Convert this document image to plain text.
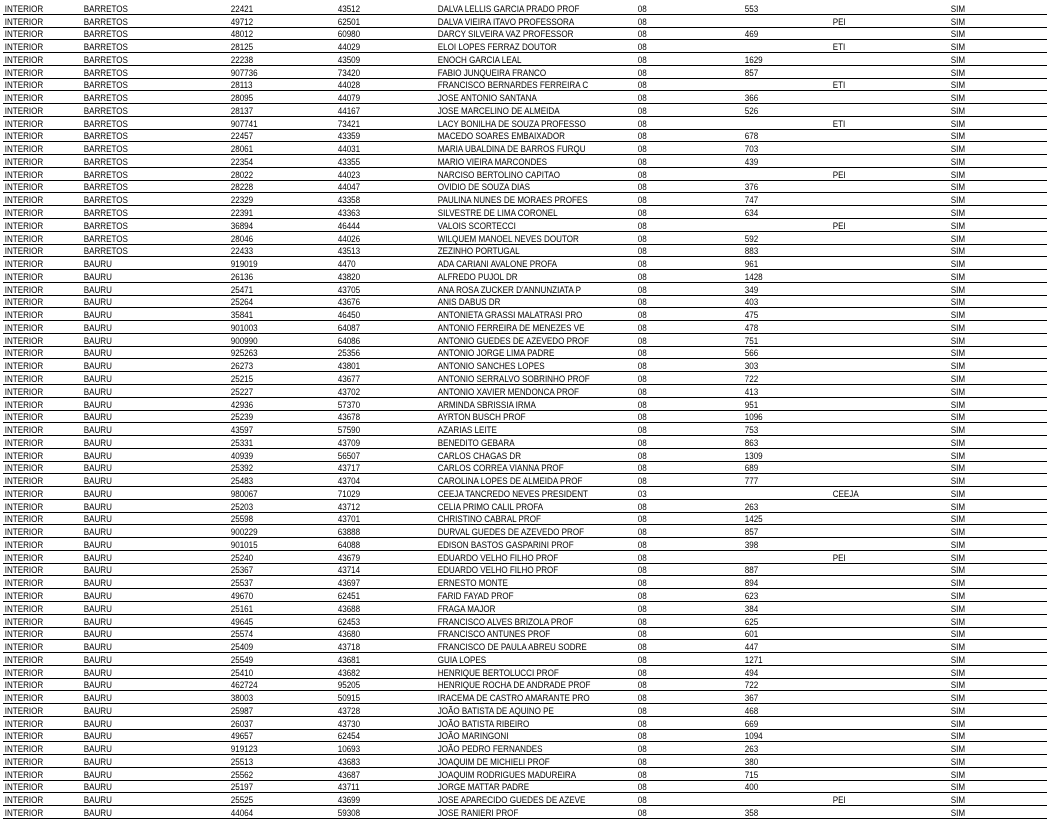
INTERIOR	BARRETOS	22421	43512	DALVA LELLIS GARCIA PRADO PROF	08	553		SIM
INTERIOR	BARRETOS	49712	62501	DALVA VIEIRA ITAVO PROFESSORA	08		PEI	SIM
INTERIOR	BARRETOS	48012	60980	DARCY SILVEIRA VAZ PROFESSOR	08	469		SIM
INTERIOR	BARRETOS	28125	44029	ELOI LOPES FERRAZ DOUTOR	08		ETI	SIM
INTERIOR	BARRETOS	22238	43509	ENOCH GARCIA LEAL	08	1629		SIM
INTERIOR	BARRETOS	907736	73420	FABIO JUNQUEIRA FRANCO	08	857		SIM
INTERIOR	BARRETOS	28113	44028	FRANCISCO BERNARDES FERREIRA C	08		ETI	SIM
INTERIOR	BARRETOS	28095	44079	JOSE ANTONIO SANTANA	08	366		SIM
INTERIOR	BARRETOS	28137	44167	JOSE MARCELINO DE ALMEIDA	08	526		SIM
INTERIOR	BARRETOS	907741	73421	LACY BONILHA DE SOUZA PROFESSO	08		ETI	SIM
INTERIOR	BARRETOS	22457	43359	MACEDO SOARES EMBAIXADOR	08	678		SIM
INTERIOR	BARRETOS	28061	44031	MARIA UBALDINA DE BARROS FURQU	08	703		SIM
INTERIOR	BARRETOS	22354	43355	MARIO VIEIRA MARCONDES	08	439		SIM
INTERIOR	BARRETOS	28022	44023	NARCISO BERTOLINO CAPITAO	08		PEI	SIM
INTERIOR	BARRETOS	28228	44047	OVIDIO DE SOUZA DIAS	08	376		SIM
INTERIOR	BARRETOS	22329	43358	PAULINA NUNES DE MORAES PROFES	08	747		SIM
INTERIOR	BARRETOS	22391	43363	SILVESTRE DE LIMA CORONEL	08	634		SIM
INTERIOR	BARRETOS	36894	46444	VALOIS SCORTECCI	08		PEI	SIM
INTERIOR	BARRETOS	28046	44026	WILQUEM MANOEL NEVES DOUTOR	08	592		SIM
INTERIOR	BARRETOS	22433	43513	ZEZINHO PORTUGAL	08	883		SIM
INTERIOR	BAURU	919019	4470	ADA CARIANI AVALONE PROFA	08	961		SIM
INTERIOR	BAURU	26136	43820	ALFREDO PUJOL DR	08	1428		SIM
INTERIOR	BAURU	25471	43705	ANA ROSA ZUCKER D'ANNUNZIATA P	08	349		SIM
INTERIOR	BAURU	25264	43676	ANIS DABUS DR	08	403		SIM
INTERIOR	BAURU	35841	46450	ANTONIETA GRASSI MALATRASI PRO	08	475		SIM
INTERIOR	BAURU	901003	64087	ANTONIO FERREIRA DE MENEZES VE	08	478		SIM
INTERIOR	BAURU	900990	64086	ANTONIO GUEDES DE AZEVEDO PROF	08	751		SIM
INTERIOR	BAURU	925263	25356	ANTONIO JORGE LIMA PADRE	08	566		SIM
INTERIOR	BAURU	26273	43801	ANTONIO SANCHES LOPES	08	303		SIM
INTERIOR	BAURU	25215	43677	ANTONIO SERRALVO SOBRINHO PROF	08	722		SIM
INTERIOR	BAURU	25227	43702	ANTONIO XAVIER MENDONCA PROF	08	413		SIM
INTERIOR	BAURU	42936	57370	ARMINDA SBRISSIA IRMA	08	951		SIM
INTERIOR	BAURU	25239	43678	AYRTON BUSCH PROF	08	1096		SIM
INTERIOR	BAURU	43597	57590	AZARIAS LEITE	08	753		SIM
INTERIOR	BAURU	25331	43709	BENEDITO GEBARA	08	863		SIM
INTERIOR	BAURU	40939	56507	CARLOS CHAGAS DR	08	1309		SIM
INTERIOR	BAURU	25392	43717	CARLOS CORREA VIANNA PROF	08	689		SIM
INTERIOR	BAURU	25483	43704	CAROLINA LOPES DE ALMEIDA PROF	08	777		SIM
INTERIOR	BAURU	980067	71029	CEEJA TANCREDO NEVES PRESIDENT	03		CEEJA	SIM
INTERIOR	BAURU	25203	43712	CELIA PRIMO CALIL PROFA	08	263		SIM
INTERIOR	BAURU	25598	43701	CHRISTINO CABRAL PROF	08	1425		SIM
INTERIOR	BAURU	900229	63888	DURVAL GUEDES DE AZEVEDO PROF	08	857		SIM
INTERIOR	BAURU	901015	64088	EDISON BASTOS GASPARINI PROF	08	398		SIM
INTERIOR	BAURU	25240	43679	EDUARDO VELHO FILHO PROF	08		PEI	SIM
INTERIOR	BAURU	25367	43714	EDUARDO VELHO FILHO PROF	08	887		SIM
INTERIOR	BAURU	25537	43697	ERNESTO MONTE	08	894		SIM
INTERIOR	BAURU	49670	62451	FARID FAYAD PROF	08	623		SIM
INTERIOR	BAURU	25161	43688	FRAGA MAJOR	08	384		SIM
INTERIOR	BAURU	49645	62453	FRANCISCO ALVES BRIZOLA PROF	08	625		SIM
INTERIOR	BAURU	25574	43680	FRANCISCO ANTUNES PROF	08	601		SIM
INTERIOR	BAURU	25409	43718	FRANCISCO DE PAULA ABREU SODRE	08	447		SIM
INTERIOR	BAURU	25549	43681	GUIA LOPES	08	1271		SIM
INTERIOR	BAURU	25410	43682	HENRIQUE BERTOLUCCI PROF	08	494		SIM
INTERIOR	BAURU	462724	95205	HENRIQUE ROCHA DE ANDRADE PROF	08	722		SIM
INTERIOR	BAURU	38003	50915	IRACEMA DE CASTRO AMARANTE PRO	08	367		SIM
INTERIOR	BAURU	25987	43728	JOÃO BATISTA DE AQUINO PE	08	468		SIM
INTERIOR	BAURU	26037	43730	JOÃO BATISTA RIBEIRO	08	669		SIM
INTERIOR	BAURU	49657	62454	JOÃO MARINGONI	08	1094		SIM
INTERIOR	BAURU	919123	10693	JOÃO PEDRO FERNANDES	08	263		SIM
INTERIOR	BAURU	25513	43683	JOAQUIM DE MICHIELI PROF	08	380		SIM
INTERIOR	BAURU	25562	43687	JOAQUIM RODRIGUES MADUREIRA	08	715		SIM
INTERIOR	BAURU	25197	43711	JORGE MATTAR PADRE	08	400		SIM
INTERIOR	BAURU	25525	43699	JOSE APARECIDO GUEDES DE AZEVE	08		PEI	SIM
INTERIOR	BAURU	44064	59308	JOSE RANIERI PROF	08	358		SIM
